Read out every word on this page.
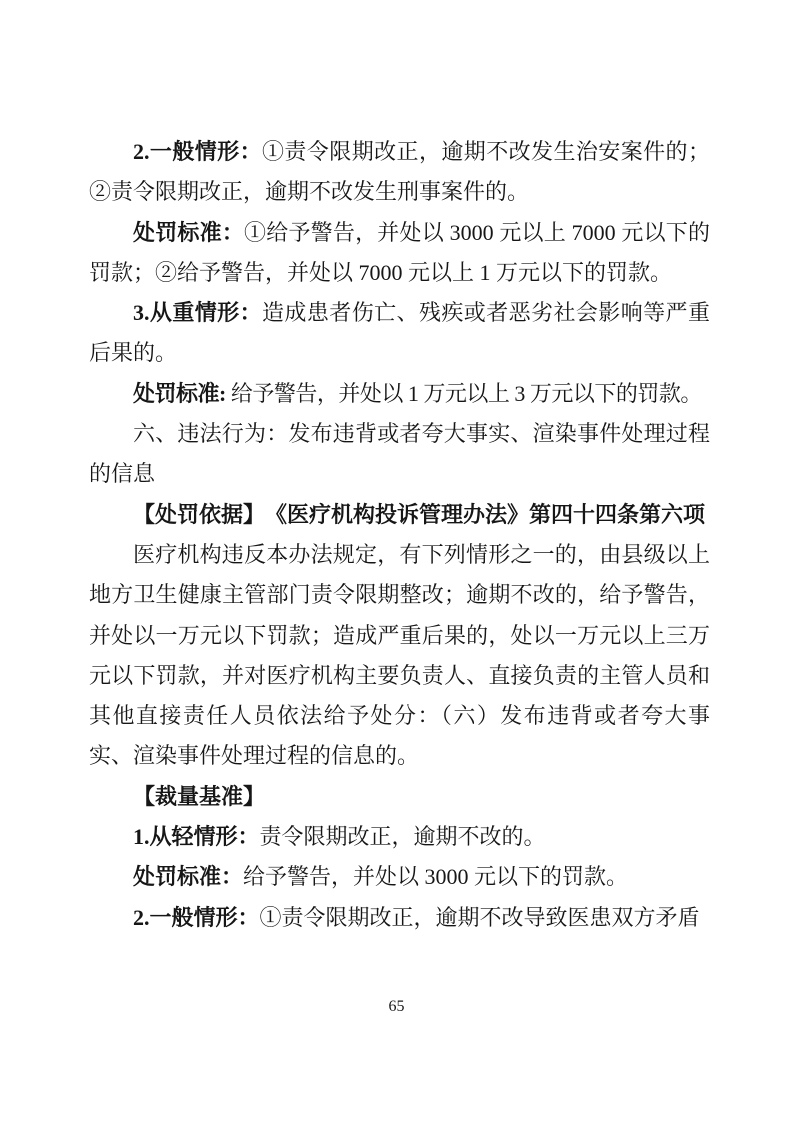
2.一般情形：①责令限期改正，逾期不改发生治安案件的；②责令限期改正，逾期不改发生刑事案件的。

处罚标准：①给予警告，并处以 3000 元以上 7000 元以下的罚款；②给予警告，并处以 7000 元以上 1 万元以下的罚款。

3.从重情形：造成患者伤亡、残疾或者恶劣社会影响等严重后果的。

处罚标准: 给予警告，并处以 1 万元以上 3 万元以下的罚款。

六、违法行为：发布违背或者夸大事实、渲染事件处理过程的信息

【处罚依据】　《医疗机构投诉管理办法》第四十四条第六项

医疗机构违反本办法规定，有下列情形之一的，由县级以上地方卫生健康主管部门责令限期整改；逾期不改的，给予警告，并处以一万元以下罚款；造成严重后果的，处以一万元以上三万元以下罚款，并对医疗机构主要负责人、直接负责的主管人员和其他直接责任人员依法给予处分：（六）发布违背或者夸大事实、渲染事件处理过程的信息的。

【裁量基准】

1.从轻情形：责令限期改正，逾期不改的。

处罚标准：给予警告，并处以 3000 元以下的罚款。

2.一般情形：①责令限期改正，逾期不改导致医患双方矛盾

65
